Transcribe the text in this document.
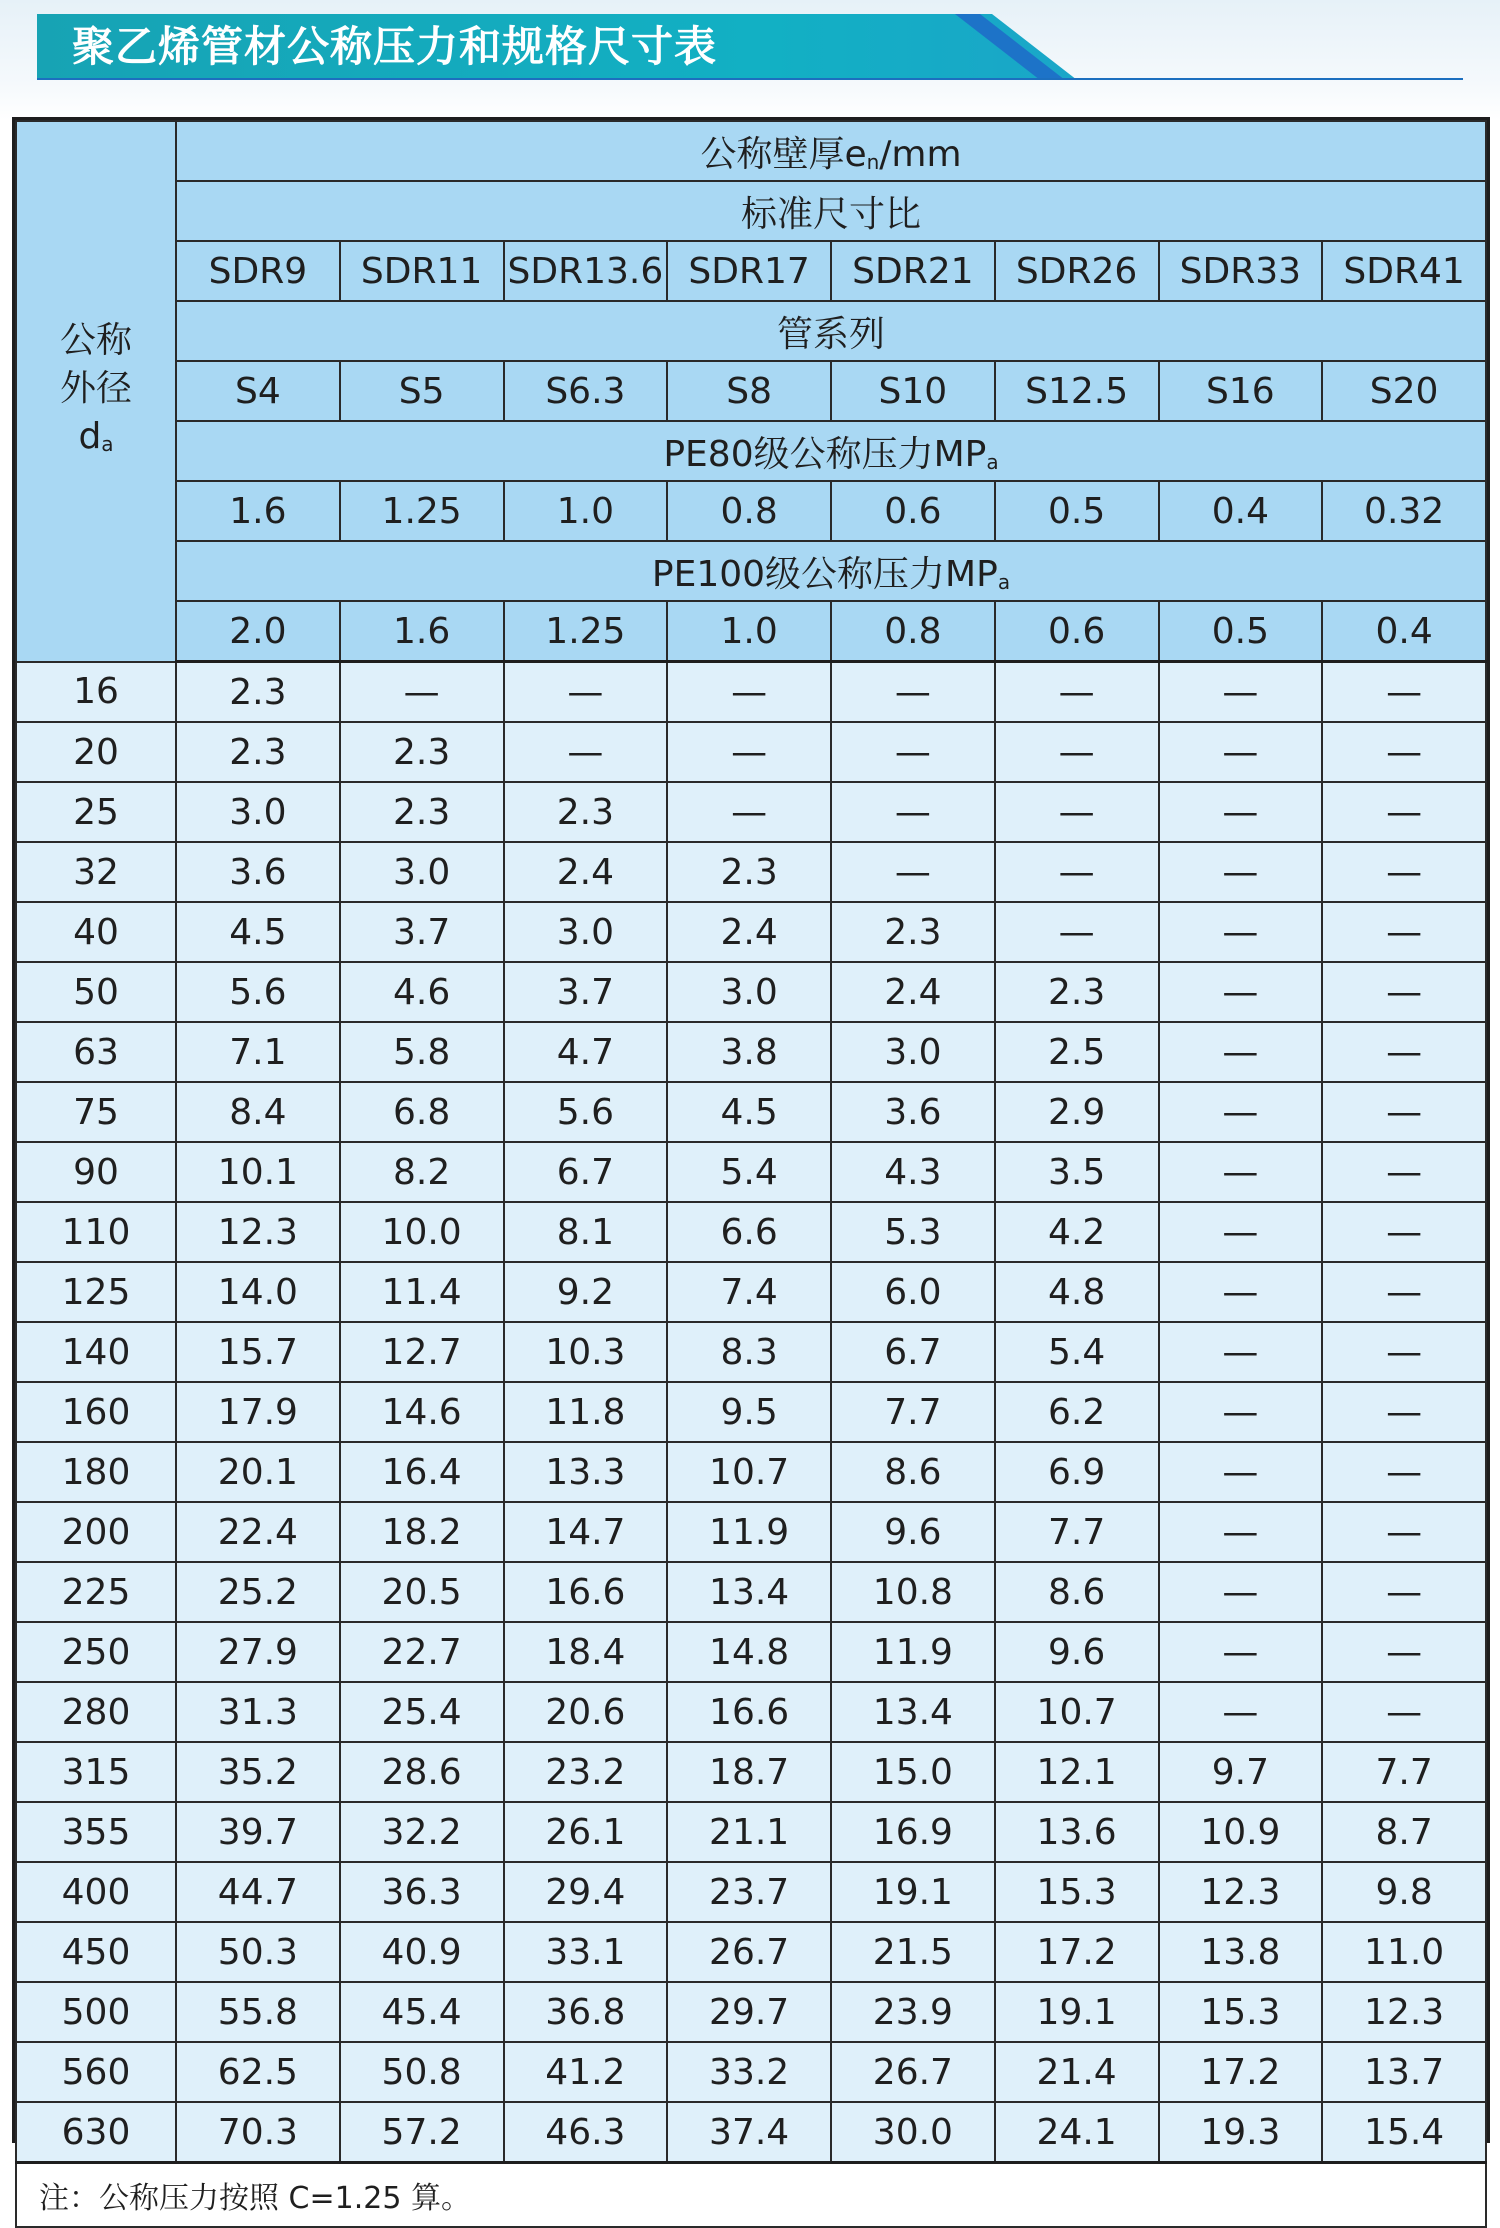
聚乙烯管材公称压力和规格尺寸表
公称
外径
da	公称壁厚en/mm							
	标准尺寸比							
	SDR9	SDR11	SDR13.6	SDR17	SDR21	SDR26	SDR33	SDR41
	管系列							
	S4	S5	S6.3	S8	S10	S12.5	S16	S20
	PE80级公称压力MPa							
	1.6	1.25	1.0	0.8	0.6	0.5	0.4	0.32
	PE100级公称压力MPa							
	2.0	1.6	1.25	1.0	0.8	0.6	0.5	0.4
16	2.3	—	—	—	—	—	—	—
20	2.3	2.3	—	—	—	—	—	—
25	3.0	2.3	2.3	—	—	—	—	—
32	3.6	3.0	2.4	2.3	—	—	—	—
40	4.5	3.7	3.0	2.4	2.3	—	—	—
50	5.6	4.6	3.7	3.0	2.4	2.3	—	—
63	7.1	5.8	4.7	3.8	3.0	2.5	—	—
75	8.4	6.8	5.6	4.5	3.6	2.9	—	—
90	10.1	8.2	6.7	5.4	4.3	3.5	—	—
110	12.3	10.0	8.1	6.6	5.3	4.2	—	—
125	14.0	11.4	9.2	7.4	6.0	4.8	—	—
140	15.7	12.7	10.3	8.3	6.7	5.4	—	—
160	17.9	14.6	11.8	9.5	7.7	6.2	—	—
180	20.1	16.4	13.3	10.7	8.6	6.9	—	—
200	22.4	18.2	14.7	11.9	9.6	7.7	—	—
225	25.2	20.5	16.6	13.4	10.8	8.6	—	—
250	27.9	22.7	18.4	14.8	11.9	9.6	—	—
280	31.3	25.4	20.6	16.6	13.4	10.7	—	—
315	35.2	28.6	23.2	18.7	15.0	12.1	9.7	7.7
355	39.7	32.2	26.1	21.1	16.9	13.6	10.9	8.7
400	44.7	36.3	29.4	23.7	19.1	15.3	12.3	9.8
450	50.3	40.9	33.1	26.7	21.5	17.2	13.8	11.0
500	55.8	45.4	36.8	29.7	23.9	19.1	15.3	12.3
560	62.5	50.8	41.2	33.2	26.7	21.4	17.2	13.7
630	70.3	57.2	46.3	37.4	30.0	24.1	19.3	15.4
注：公称压力按照 C=1.25 算。								
